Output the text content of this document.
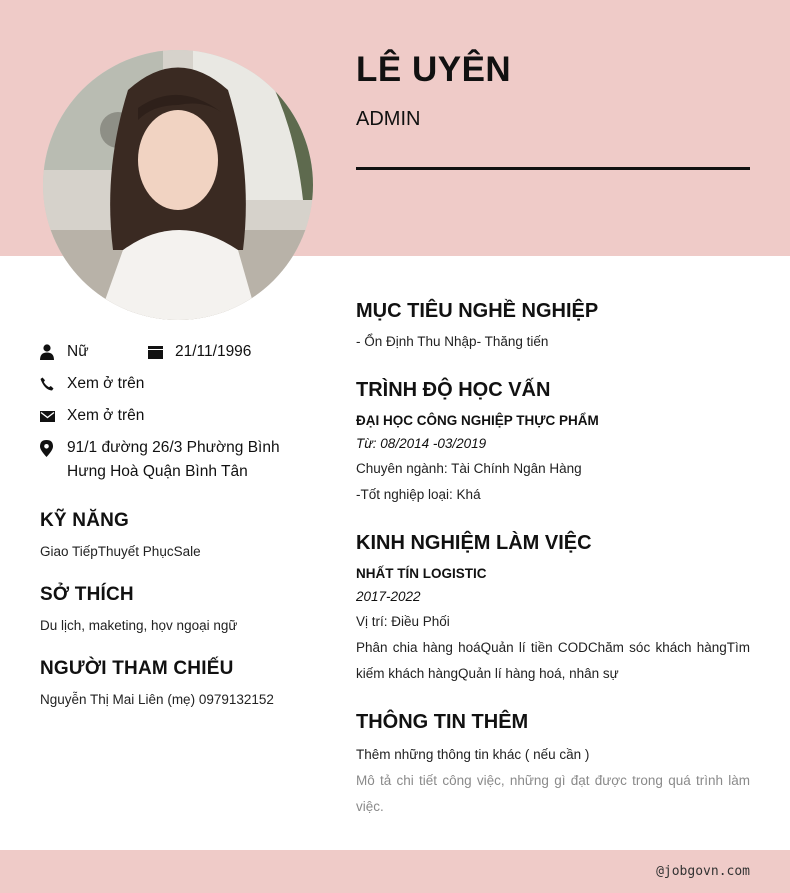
LÊ UYÊN
ADMIN
Nữ	21/11/1996
Xem ở trên
Xem ở trên
91/1 đường 26/3 Phường Bình Hưng Hoà Quận Bình Tân
KỸ NĂNG
Giao TiếpThuyết PhụcSale
SỞ THÍCH
Du lịch, maketing, họv ngoại ngữ
NGƯỜI THAM CHIẾU
Nguyễn Thị Mai Liên (mẹ) 0979132152
MỤC TIÊU NGHỀ NGHIỆP
- Ổn Định Thu Nhập- Thăng tiến
TRÌNH ĐỘ HỌC VẤN
ĐẠI HỌC CÔNG NGHIỆP THỰC PHẨM
Từ: 08/2014 -03/2019
Chuyên ngành: Tài Chính Ngân Hàng
-Tốt nghiệp loại: Khá
KINH NGHIỆM LÀM VIỆC
NHẤT TÍN LOGISTIC
2017-2022
Vị trí: Điều Phối
Phân chia hàng hoáQuản lí tiền CODChăm sóc khách hàngTìm kiếm khách hàngQuản lí hàng hoá, nhân sự
THÔNG TIN THÊM
Thêm những thông tin khác ( nếu cần )
Mô tả chi tiết công việc, những gì đạt được trong quá trình làm việc.
@jobgovn.com
